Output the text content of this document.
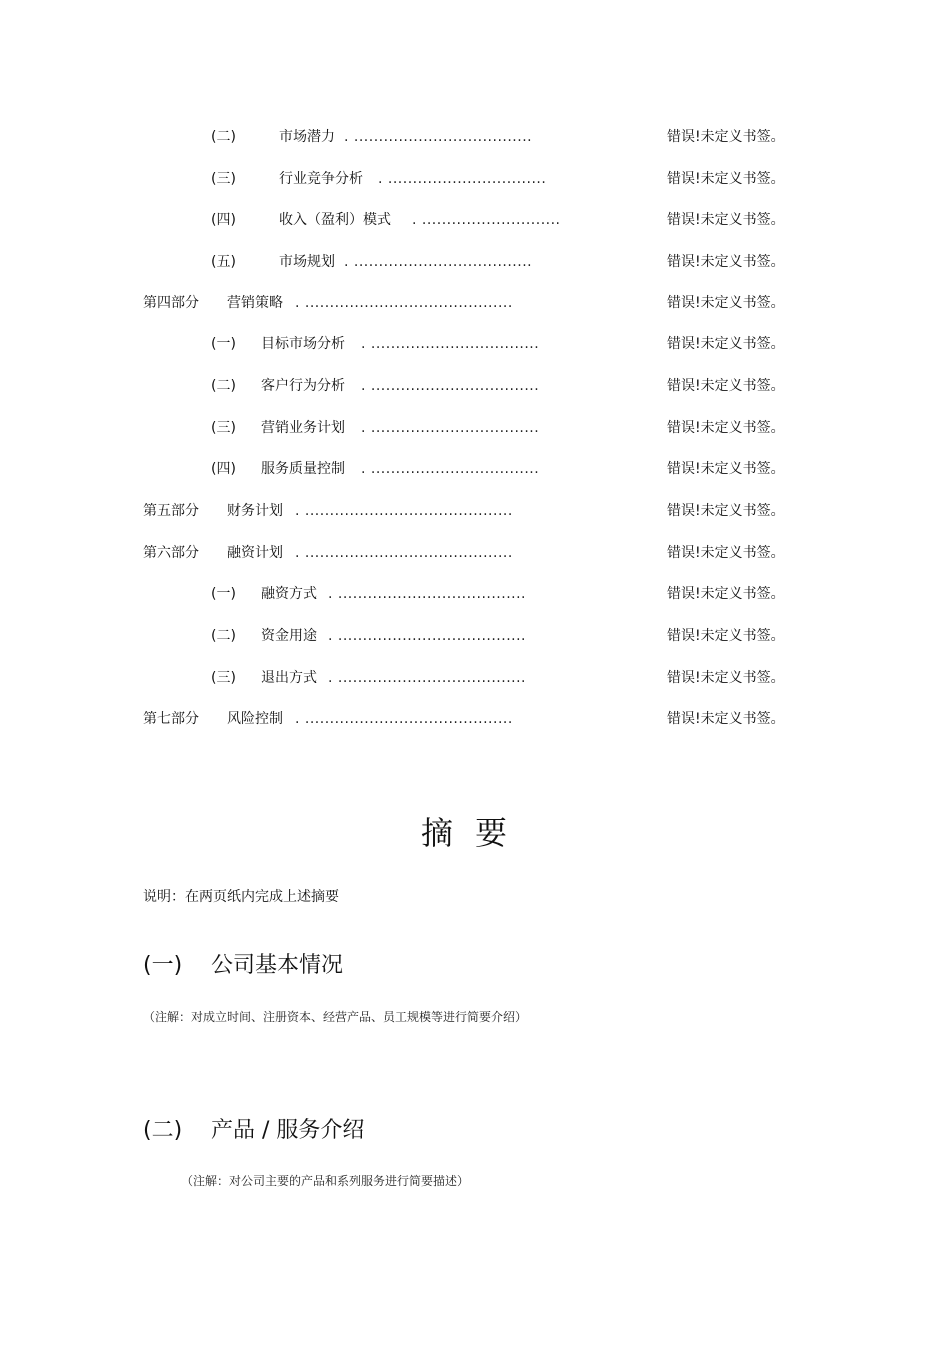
(二)	市场潜力 . ....................................	错误!未定义书签。
(三)	行业竞争分析 . ................................	错误!未定义书签。
(四)	收入（盈利）模式 . ............................	错误!未定义书签。
(五)	市场规划 . ....................................	错误!未定义书签。
第四部分 营销策略 . ..........................................	错误!未定义书签。
(一) 目标市场分析 . ..................................	错误!未定义书签。
(二) 客户行为分析 . ..................................	错误!未定义书签。
(三) 营销业务计划 . ..................................	错误!未定义书签。
(四) 服务质量控制 . ..................................	错误!未定义书签。
第五部分 财务计划 . ..........................................	错误!未定义书签。
第六部分 融资计划 . ..........................................	错误!未定义书签。
(一) 融资方式 . ......................................	错误!未定义书签。
(二) 资金用途 . ......................................	错误!未定义书签。
(三) 退出方式 . ......................................	错误!未定义书签。
第七部分 风险控制 . ..........................................	错误!未定义书签。
摘要
说明：在两页纸内完成上述摘要
(一) 公司基本情况
（注解：对成立时间、注册资本、经营产品、员工规模等进行简要介绍）
(二) 产品 / 服务介绍
（注解：对公司主要的产品和系列服务进行简要描述）
